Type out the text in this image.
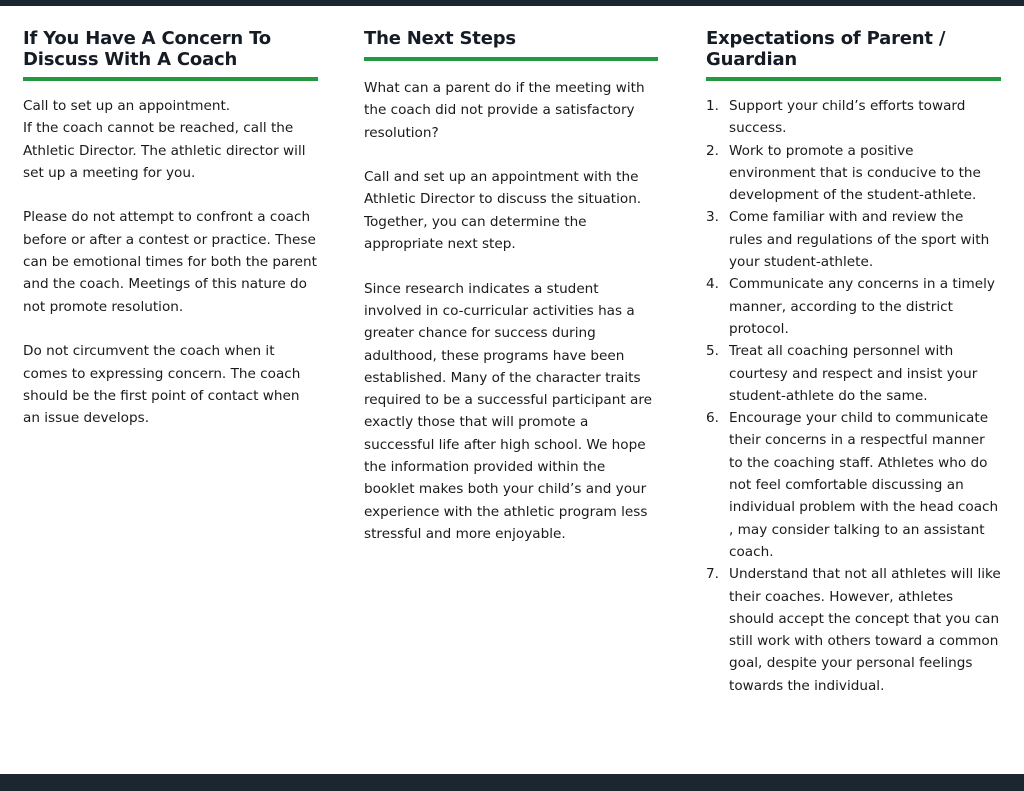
If You Have A Concern To Discuss With A Coach

Call to set up an appointment.
If the coach cannot be reached, call the Athletic Director. The athletic director will set up a meeting for you.

Please do not attempt to confront a coach before or after a contest or practice. These can be emotional times for both the parent and the coach. Meetings of this nature do not promote resolution.

Do not circumvent the coach when it comes to expressing concern. The coach should be the first point of contact when an issue develops.

The Next Steps

What can a parent do if the meeting with the coach did not provide a satisfactory resolution?

Call and set up an appointment with the Athletic Director to discuss the situation. Together, you can determine the appropriate next step.

Since research indicates a student involved in co-curricular activities has a greater chance for success during adulthood, these programs have been established. Many of the character traits required to be a successful participant are exactly those that will promote a successful life after high school. We hope the information provided within the booklet makes both your child’s and your experience with the athletic program less stressful and more enjoyable.

Expectations of Parent / Guardian
1. Support your child’s efforts toward success.
2. Work to promote a positive environment that is conducive to the development of the student-athlete.
3. Come familiar with and review the rules and regulations of the sport with your student-athlete.
4. Communicate any concerns in a timely manner, according to the district protocol.
5. Treat all coaching personnel with courtesy and respect and insist your student-athlete do the same.
6. Encourage your child to communicate their concerns in a respectful manner to the coaching staff. Athletes who do not feel comfortable discussing an individual problem with the head coach , may consider talking to an assistant coach.
7. Understand that not all athletes will like their coaches. However, athletes should accept the concept that you can still work with others toward a common goal, despite your personal feelings towards the individual.
